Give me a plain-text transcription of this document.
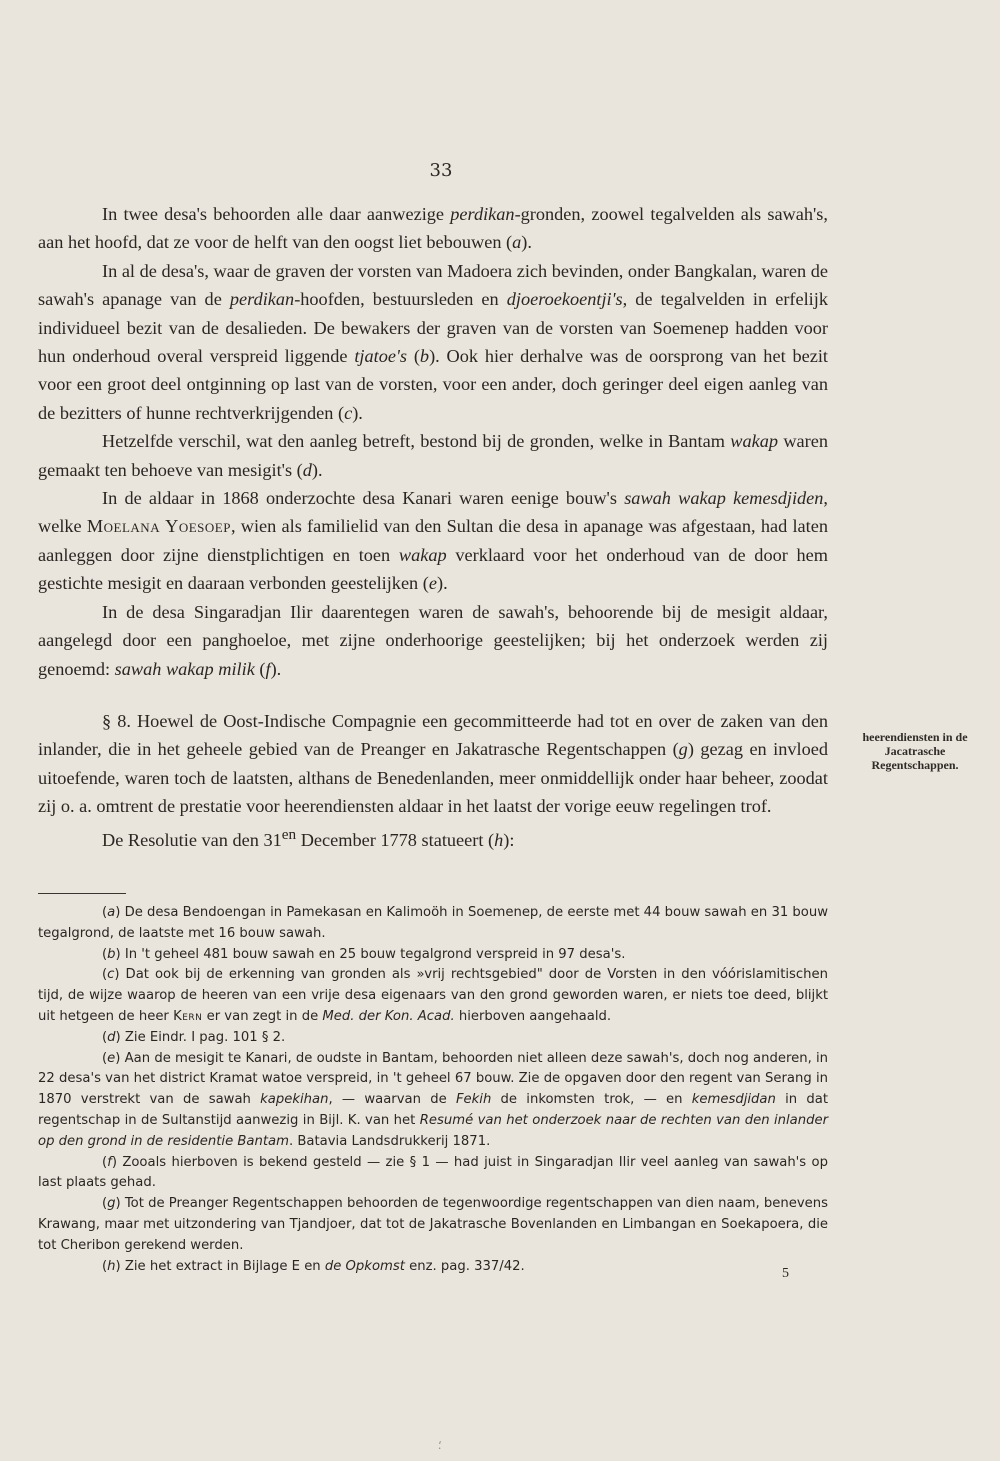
33

In twee desa's behoorden alle daar aanwezige perdikan-gronden, zoowel tegalvelden als sawah's, aan het hoofd, dat ze voor de helft van den oogst liet bebouwen (a).

In al de desa's, waar de graven der vorsten van Madoera zich bevinden, onder Bangkalan, waren de sawah's apanage van de perdikan-hoofden, bestuursleden en djoeroekoentji's, de tegalvelden in erfelijk individueel bezit van de desalieden. De bewakers der graven van de vorsten van Soemenep hadden voor hun onderhoud overal verspreid liggende tjatoe's (b). Ook hier derhalve was de oorsprong van het bezit voor een groot deel ontginning op last van de vorsten, voor een ander, doch geringer deel eigen aanleg van de bezitters of hunne rechtverkrijgenden (c).

Hetzelfde verschil, wat den aanleg betreft, bestond bij de gronden, welke in Bantam wakap waren gemaakt ten behoeve van mesigit's (d).

In de aldaar in 1868 onderzochte desa Kanari waren eenige bouw's sawah wakap kemesdjiden, welke Moelana Yoesoep, wien als familielid van den Sultan die desa in apanage was afgestaan, had laten aanleggen door zijne dienstplichtigen en toen wakap verklaard voor het onderhoud van de door hem gestichte mesigit en daaraan verbonden geestelijken (e).

In de desa Singaradjan Ilir daarentegen waren de sawah's, behoorende bij de mesigit aldaar, aangelegd door een panghoeloe, met zijne onderhoorige geestelijken; bij het onderzoek werden zij genoemd: sawah wakap milik (f).

§ 8. Hoewel de Oost-Indische Compagnie een gecommitteerde had tot en over de zaken van den inlander, die in het geheele gebied van de Preanger en Jakatrasche Regentschappen (g) gezag en invloed uitoefende, waren toch de laatsten, althans de Benedenlanden, meer onmiddellijk onder haar beheer, zoodat zij o. a. omtrent de prestatie voor heerendiensten aldaar in het laatst der vorige eeuw regelingen trof.

De Resolutie van den $31^{en}$ December 1778 statueert (h):

heerendiensten in de Jacatrasche Regentschappen.

(a) De desa Bendoengan in Pamekasan en Kalimoöh in Soemenep, de eerste met 44 bouw sawah en 31 bouw tegalgrond, de laatste met 16 bouw sawah.

(b) In 't geheel 481 bouw sawah en 25 bouw tegalgrond verspreid in 97 desa's.

(c) Dat ook bij de erkenning van gronden als »vrij rechtsgebied" door de Vorsten in den vóórislamitischen tijd, de wijze waarop de heeren van een vrije desa eigenaars van den grond geworden waren, er niets toe deed, blijkt uit hetgeen de heer Kern er van zegt in de Med. der Kon. Acad. hierboven aangehaald.

(d) Zie Eindr. I pag. 101 § 2.

(e) Aan de mesigit te Kanari, de oudste in Bantam, behoorden niet alleen deze sawah's, doch nog anderen, in 22 desa's van het district Kramat watoe verspreid, in 't geheel 67 bouw. Zie de opgaven door den regent van Serang in 1870 verstrekt van de sawah kapekihan, — waarvan de Fekih de inkomsten trok, — en kemesdjidan in dat regentschap in de Sultanstijd aanwezig in Bijl. K. van het Resumé van het onderzoek naar de rechten van den inlander op den grond in de residentie Bantam. Batavia Landsdrukkerij 1871.

(f) Zooals hierboven is bekend gesteld — zie § 1 — had juist in Singaradjan Ilir veel aanleg van sawah's op last plaats gehad.

(g) Tot de Preanger Regentschappen behoorden de tegenwoordige regentschappen van dien naam, benevens Krawang, maar met uitzondering van Tjandjoer, dat tot de Jakatrasche Bovenlanden en Limbangan en Soekapoera, die tot Cheribon gerekend werden.

(h) Zie het extract in Bijlage E en de Opkomst enz. pag. 337/42.	5
⸵
